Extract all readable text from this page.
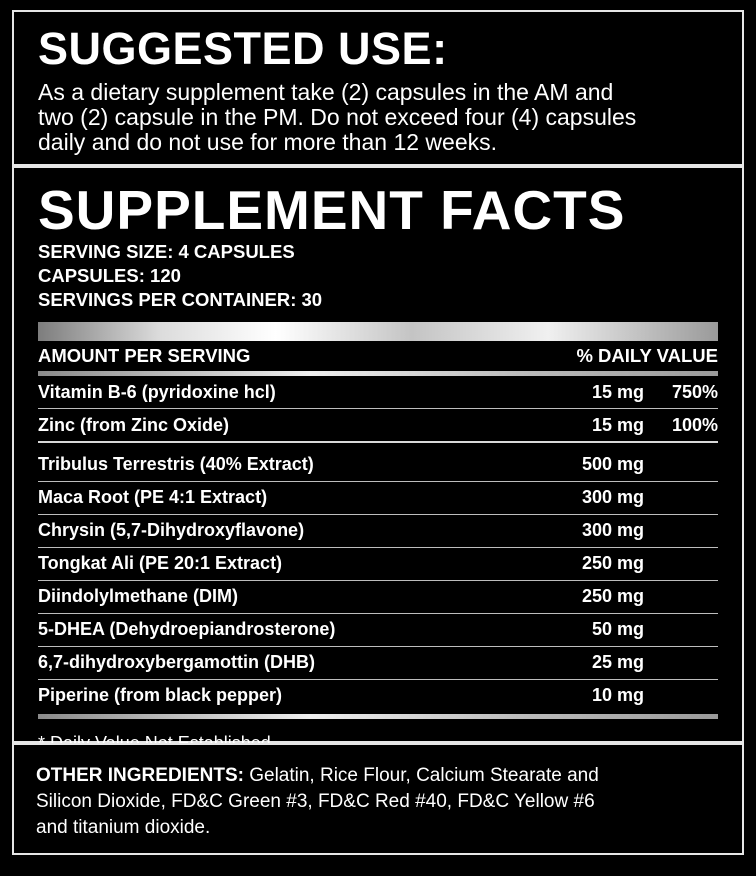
SUGGESTED USE:
As a dietary supplement take (2) capsules in the AM and
two (2) capsule in the PM. Do not exceed four (4) capsules
daily and do not use for more than 12 weeks.
SUPPLEMENT FACTS
SERVING SIZE: 4 CAPSULES
CAPSULES: 120
SERVINGS PER CONTAINER: 30
AMOUNT PER SERVING	% DAILY VALUE
Vitamin B-6 (pyridoxine hcl)	15 mg 750%
Zinc (from Zinc Oxide)	15 mg 100%
Tribulus Terrestris (40% Extract)	500 mg
Maca Root (PE 4:1 Extract)	300 mg
Chrysin (5,7-Dihydroxyflavone)	300 mg
Tongkat Ali (PE 20:1 Extract)	250 mg
Diindolylmethane (DIM)	250 mg
5-DHEA (Dehydroepiandrosterone)	50 mg
6,7-dihydroxybergamottin (DHB)	25 mg
Piperine (from black pepper)	10 mg
OTHER INGREDIENTS: Gelatin, Rice Flour, Calcium Stearate and
Silicon Dioxide, FD&C Green #3, FD&C Red #40, FD&C Yellow #6
and titanium dioxide.
